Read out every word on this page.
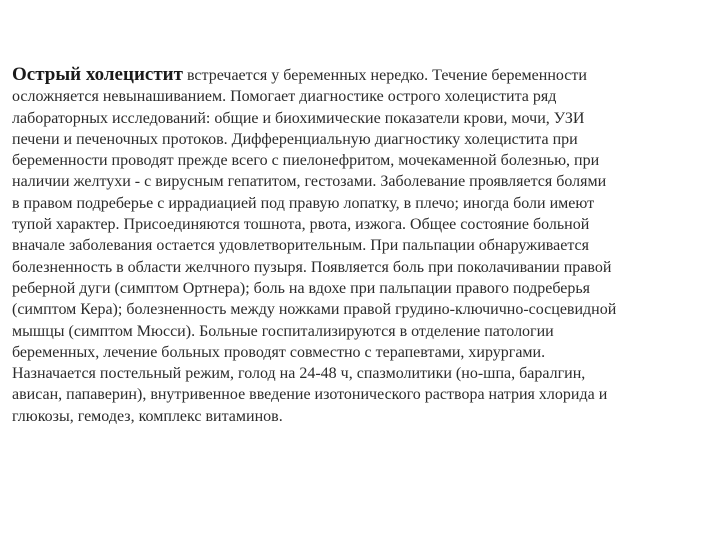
Острый холецистит встречается у беременных нередко. Течение беременности
осложняется невынашиванием. Помогает диагностике острого холецистита ряд
лабораторных исследований: общие и биохимические показатели крови, мочи, УЗИ
печени и печеночных протоков. Дифференциальную диагностику холецистита при
беременности проводят прежде всего с пиелонефритом, мочекаменной болезнью, при
наличии желтухи - с вирусным гепатитом, гестозами. Заболевание проявляется болями
в правом подреберье с иррадиацией под правую лопатку, в плечо; иногда боли имеют
тупой характер. Присоединяются тошнота, рвота, изжога. Общее состояние больной
вначале заболевания остается удовлетворительным. При пальпации обнаруживается
болезненность в области желчного пузыря. Появляется боль при поколачивании правой
реберной дуги (симптом Ортнера); боль на вдохе при пальпации правого подреберья
(симптом Кера); болезненность между ножками правой грудино-ключично-сосцевидной
мышцы (симптом Мюсси). Больные госпитализируются в отделение патологии
беременных, лечение больных проводят совместно с терапевтами, хирургами.
Назначается постельный режим, голод на 24-48 ч, спазмолитики (но-шпа, баралгин,
ависан, папаверин), внутривенное введение изотонического раствора натрия хлорида и
глюкозы, гемодез, комплекс витаминов.
